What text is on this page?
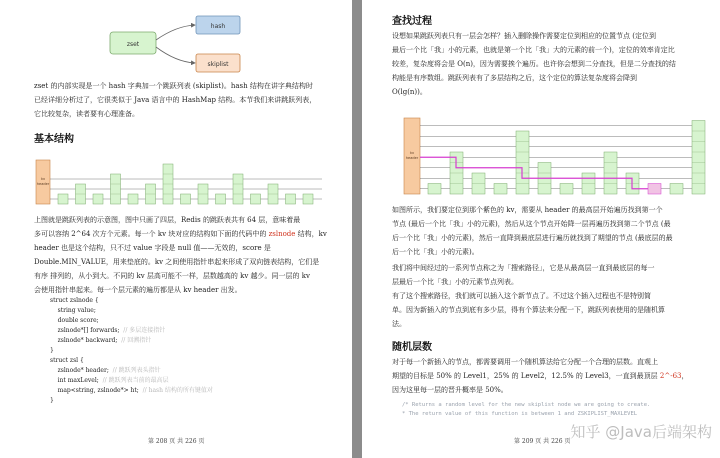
zset
hash
skiplist

zset 的内部实现是一个 hash 字典加一个跳跃列表 (skiplist)。hash 结构在讲字典结构时

已经详细分析过了，它很类似于 Java 语言中的 HashMap 结构。本节我们来讲跳跃列表，

它比较复杂，读者要有心理准备。

基本结构
kv
header

上图就是跳跃列表的示意图，图中只画了四层，Redis 的跳跃表共有 64 层，意味着最

多可以容纳 2^64 次方个元素。每一个 kv 块对应的结构如下面的代码中的 zslnode 结构，kv

header 也是这个结构，只不过 value 字段是 null 值——无效的，score 是

Double.MIN_VALUE，用来垫底的。kv 之间使用指针串起来形成了双向链表结构，它们是

有序 排列的，从小到大。不同的 kv 层高可能不一样，层数越高的 kv 越少。同一层的 kv

会使用指针串起来。每一个层元素的遍历都是从 kv header 出发。

struct zslnode {
string value;
double score;
zslnode*[] forwards; // 多层连接指针
zslnode* backward; // 回溯指针
}
struct zsl {
zslnode* header; // 跳跃列表头指针
int maxLevel; // 跳跃列表当前的最高层
map<string, zslnode*> ht; // hash 结构的所有键值对
}
第 208 页 共 226 页
查找过程

设想如果跳跃列表只有一层会怎样？插入删除操作需要定位到相应的位置节点 (定位到

最后一个比「我」小的元素，也就是第一个比「我」大的元素的前一个)，定位的效率肯定比

较差，复杂度将会是 O(n)，因为需要挨个遍历。也许你会想到二分查找，但是二分查找的结

构能是有序数组。跳跃列表有了多层结构之后，这个定位的算法复杂度将会降到

O(lg(n))。

kv
header

如图所示，我们要定位到那个紫色的 kv，需要从 header 的最高层开始遍历找到第一个

节点 (最后一个比「我」小的元素)，然后从这个节点开始降一层再遍历找到第二个节点 (最

后一个比「我」小的元素)，然后一直降到最底层进行遍历就找到了期望的节点 (最底层的最

后一个比「我」小的元素)。

我们将中间经过的一系列节点称之为「搜索路径」，它是从最高层一直到最底层的每一

层最后一个比「我」小的元素节点列表。

有了这个搜索路径，我们就可以插入这个新节点了。不过这个插入过程也不是特别简

单。因为新插入的节点到底有多少层，得有个算法来分配一下，跳跃列表使用的是随机算

法。

随机层数

对于每一个新插入的节点，都需要调用一个随机算法给它分配一个合理的层数。直观上

期望的目标是 50% 的 Level1，25% 的 Level2，12.5% 的 Level3，一直到最顶层 2^-63，

因为这里每一层的晋升概率是 50%。

/* Returns a random level for the new skiplist node we are going to create.
* The return value of this function is between 1 and ZSKIPLIST_MAXLEVEL
第 209 页 共 226 页
知乎 @Java后端架构
